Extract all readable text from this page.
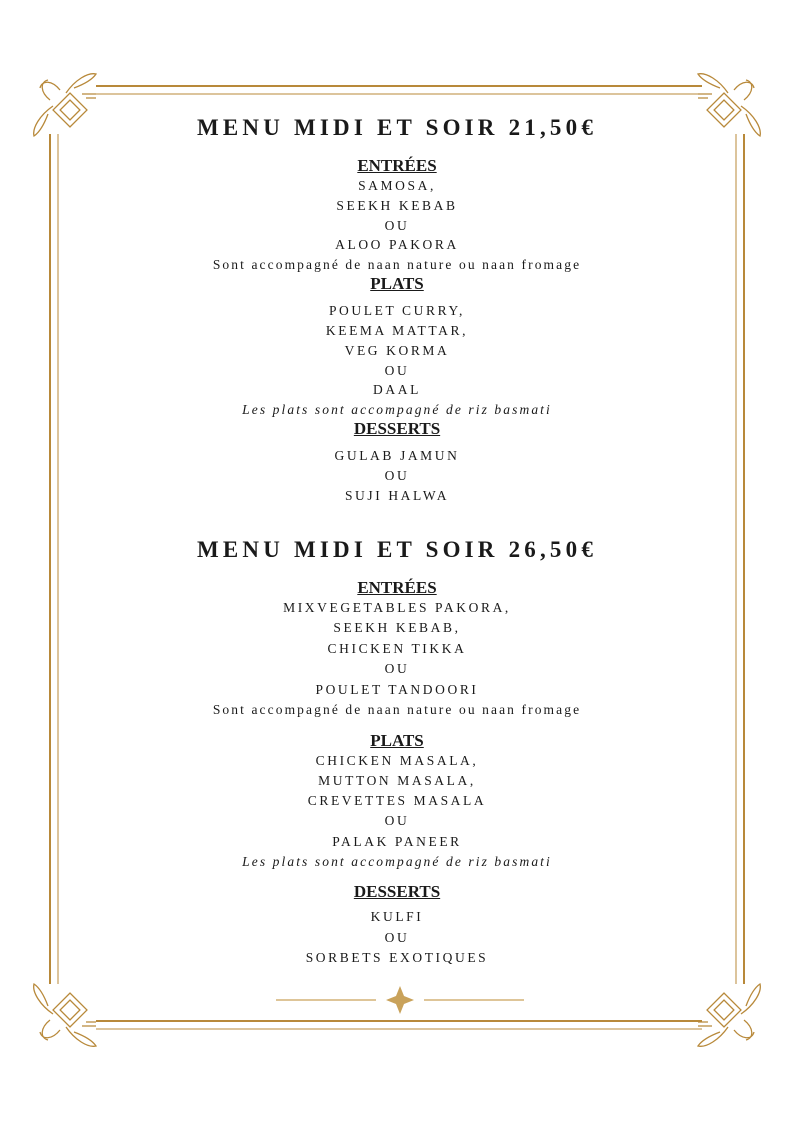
MENU MIDI ET SOIR 21,50€
ENTRÉES

SAMOSA,

SEEKH KEBAB

OU

ALOO PAKORA

Sont accompagné de naan nature ou naan fromage

PLATS

POULET CURRY,

KEEMA MATTAR,

VEG KORMA

OU

DAAL

Les plats sont accompagné de riz basmati

DESSERTS

GULAB JAMUN

OU

SUJI HALWA

MENU MIDI ET SOIR 26,50€
ENTRÉES

MIXVEGETABLES PAKORA,

SEEKH KEBAB,

CHICKEN TIKKA

OU

POULET TANDOORI

Sont accompagné de naan nature ou naan fromage

PLATS

CHICKEN MASALA,

MUTTON MASALA,

CREVETTES MASALA

OU

PALAK PANEER

Les plats sont accompagné de riz basmati

DESSERTS

KULFI

OU

SORBETS EXOTIQUES
